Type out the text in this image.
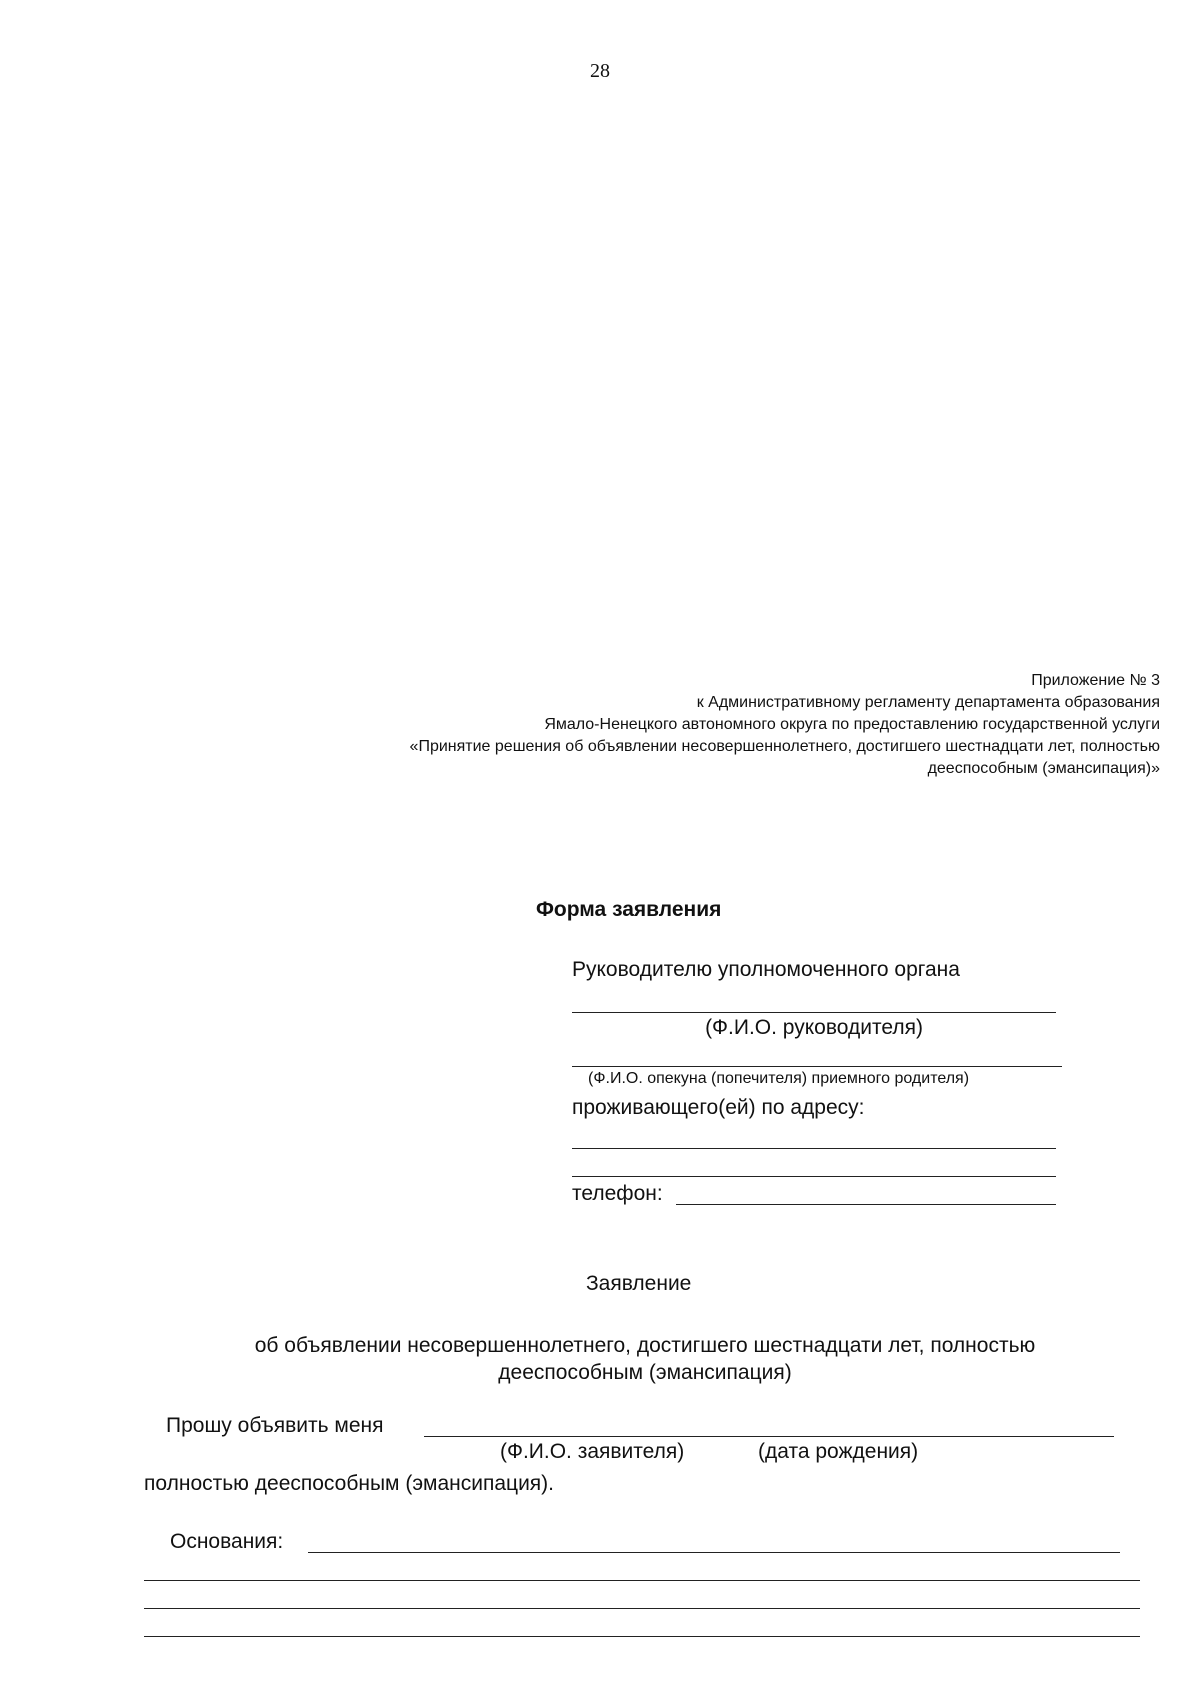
28
Приложение № 3
к Административному регламенту департамента образования
Ямало-Ненецкого автономного округа по предоставлению государственной услуги
«Принятие решения об объявлении несовершеннолетнего, достигшего шестнадцати лет, полностью
дееспособным (эмансипация)»
Форма заявления
Руководителю уполномоченного органа
(Ф.И.О. руководителя)
(Ф.И.О. опекуна (попечителя) приемного родителя)
проживающего(ей) по адресу:
телефон:
Заявление
об объявлении несовершеннолетнего, достигшего шестнадцати лет, полностью
дееспособным (эмансипация)
Прошу объявить меня
(Ф.И.О. заявителя)	(дата рождения)
полностью дееспособным (эмансипация).
Основания:
